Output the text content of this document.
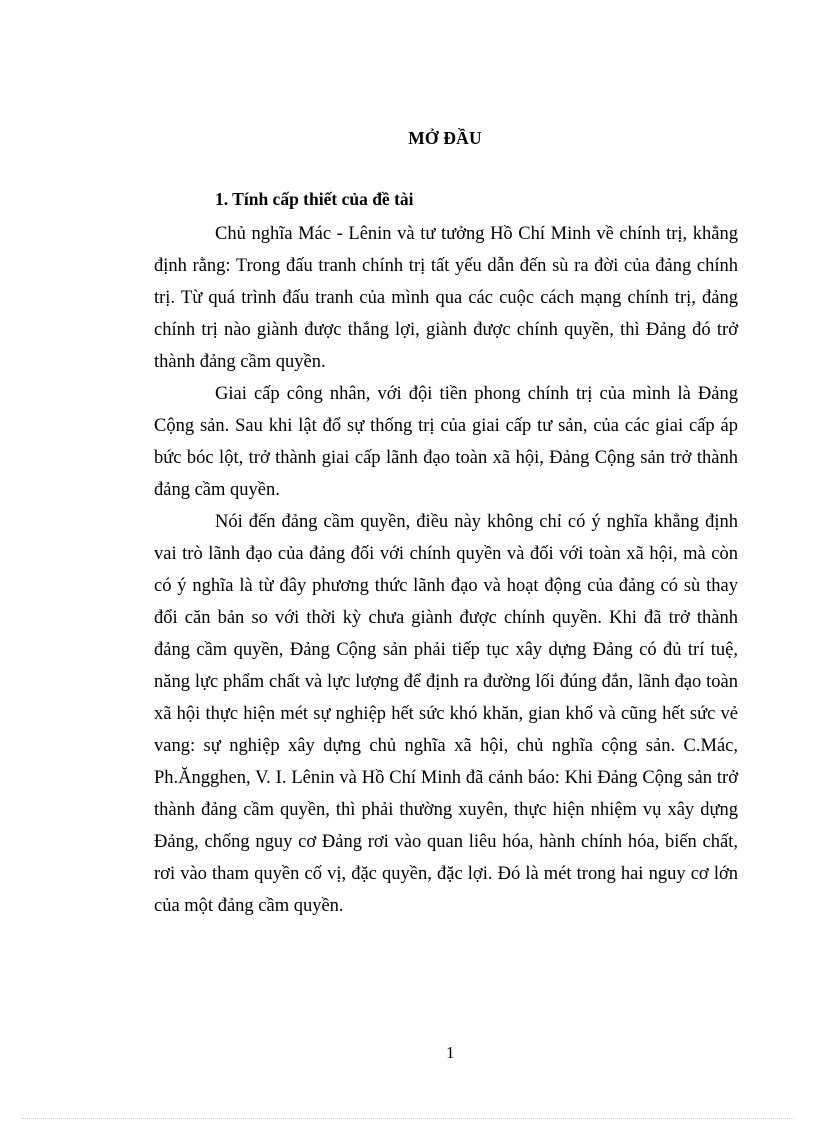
MỞ ĐẦU
1. Tính cấp thiết của đề tài

Chủ nghĩa Mác - Lênin và tư tưởng Hồ Chí Minh về chính trị, khẳng định rằng: Trong đấu tranh chính trị tất yếu dẫn đến sù ra đời của đảng chính trị. Từ quá trình đấu tranh của mình qua các cuộc cách mạng chính trị, đảng chính trị nào giành được thắng lợi, giành được chính quyền, thì Đảng đó trở thành đảng cầm quyền.

Giai cấp công nhân, với đội tiền phong chính trị của mình là Đảng Cộng sản. Sau khi lật đổ sự thống trị của giai cấp tư sản, của các giai cấp áp bức bóc lột, trở thành giai cấp lãnh đạo toàn xã hội, Đảng Cộng sản trở thành đảng cầm quyền.

Nói đến đảng cầm quyền, điều này không chỉ có ý nghĩa khẳng định vai trò lãnh đạo của đảng đối với chính quyền và đối với toàn xã hội, mà còn có ý nghĩa là từ đây phương thức lãnh đạo và hoạt động của đảng có sù thay đổi căn bản so với thời kỳ chưa giành được chính quyền. Khi đã trở thành đảng cầm quyền, Đảng Cộng sản phải tiếp tục xây dựng Đảng có đủ trí tuệ, năng lực phẩm chất và lực lượng để định ra đường lối đúng đắn, lãnh đạo toàn xã hội thực hiện mét sự nghiệp hết sức khó khăn, gian khổ và cũng hết sức vẻ vang: sự nghiệp xây dựng chủ nghĩa xã hội, chủ nghĩa cộng sản. C.Mác, Ph.Ăngghen, V. I. Lênin và Hồ Chí Minh đã cảnh báo: Khi Đảng Cộng sản trở thành đảng cầm quyền, thì phải thường xuyên, thực hiện nhiệm vụ xây dựng Đảng, chống nguy cơ Đảng rơi vào quan liêu hóa, hành chính hóa, biến chất, rơi vào tham quyền cố vị, đặc quyền, đặc lợi. Đó là mét trong hai nguy cơ lớn của một đảng cầm quyền.

1
